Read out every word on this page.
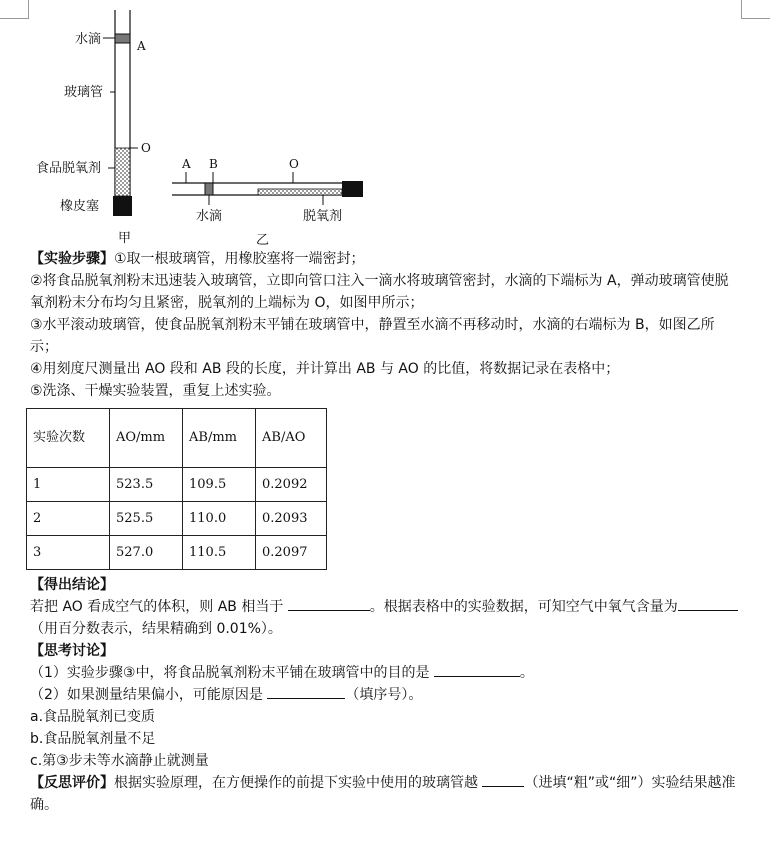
水滴	A
玻璃管
O
食品脱氧剂
橡皮塞
甲
A B	O
水滴	脱氧剂
乙

【实验步骤】①取一根玻璃管，用橡胶塞将一端密封；

②将食品脱氧剂粉末迅速装入玻璃管，立即向管口注入一滴水将玻璃管密封，水滴的下端标为 A，弹动玻璃管使脱氧剂粉末分布均匀且紧密，脱氧剂的上端标为 O，如图甲所示；

③水平滚动玻璃管，使食品脱氧剂粉末平铺在玻璃管中，静置至水滴不再移动时，水滴的右端标为 B，如图乙所示；

④用刻度尺测量出 AO 段和 AB 段的长度，并计算出 AB 与 AO 的比值，将数据记录在表格中；

⑤洗涤、干燥实验装置，重复上述实验。

实验次数	AO/mm	AB/mm	AB/AO
1	523.5	109.5	0.2092
2	525.5	110.0	0.2093
3	527.0	110.5	0.2097

【得出结论】

若把 AO 看成空气的体积，则 AB 相当于	。根据表格中的实验数据，可知空气中氧气含量为（用百分数表示，结果精确到 0.01%）。

【思考讨论】

（1）实验步骤③中，将食品脱氧剂粉末平铺在玻璃管中的目的是	。

（2）如果测量结果偏小，可能原因是	（填序号）。

a.食品脱氧剂已变质

b.食品脱氧剂量不足

c.第③步未等水滴静止就测量

【反思评价】根据实验原理，在方便操作的前提下实验中使用的玻璃管越	（进填“粗”或“细”）实验结果越准确。
